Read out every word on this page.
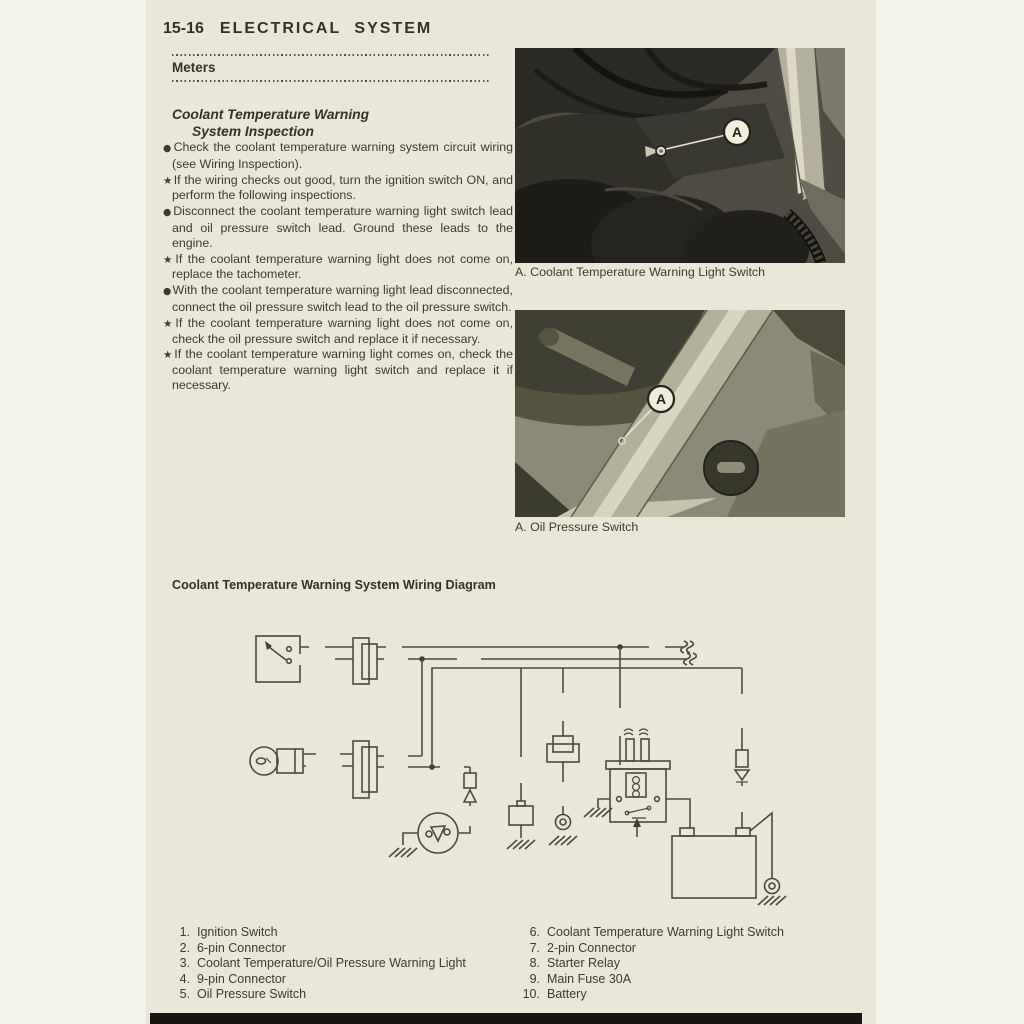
15-16 ELECTRICAL SYSTEM
Meters
Coolant Temperature Warning
System Inspection

●Check the coolant temperature warning system circuit wiring (see Wiring Inspection).

★If the wiring checks out good, turn the ignition switch ON, and perform the following inspections.

●Disconnect the coolant temperature warning light switch lead and oil pressure switch lead. Ground these leads to the engine.

★If the coolant temperature warning light does not come on, replace the tachometer.

●With the coolant temperature warning light lead disconnected, connect the oil pressure switch lead to the oil pressure switch.

★If the coolant temperature warning light does not come on, check the oil pressure switch and replace it if necessary.

★If the coolant temperature warning light comes on, check the coolant temperature warning light switch and replace it if necessary.

A
A. Coolant Temperature Warning Light Switch
A
A. Oil Pressure Switch
Coolant Temperature Warning System Wiring Diagram
BK
BK
BK/Y
BK
W	BK/Y
BK/Y
①
②
③	④
⑤
⑥
⑦
⑧
⑨
⑩
+	−
1. Ignition Switch
2. 6-pin Connector
3. Coolant Temperature/Oil Pressure Warning Light
4. 9-pin Connector
5. Oil Pressure Switch
6. Coolant Temperature Warning Light Switch
7. 2-pin Connector
8. Starter Relay
9. Main Fuse 30A
10. Battery
